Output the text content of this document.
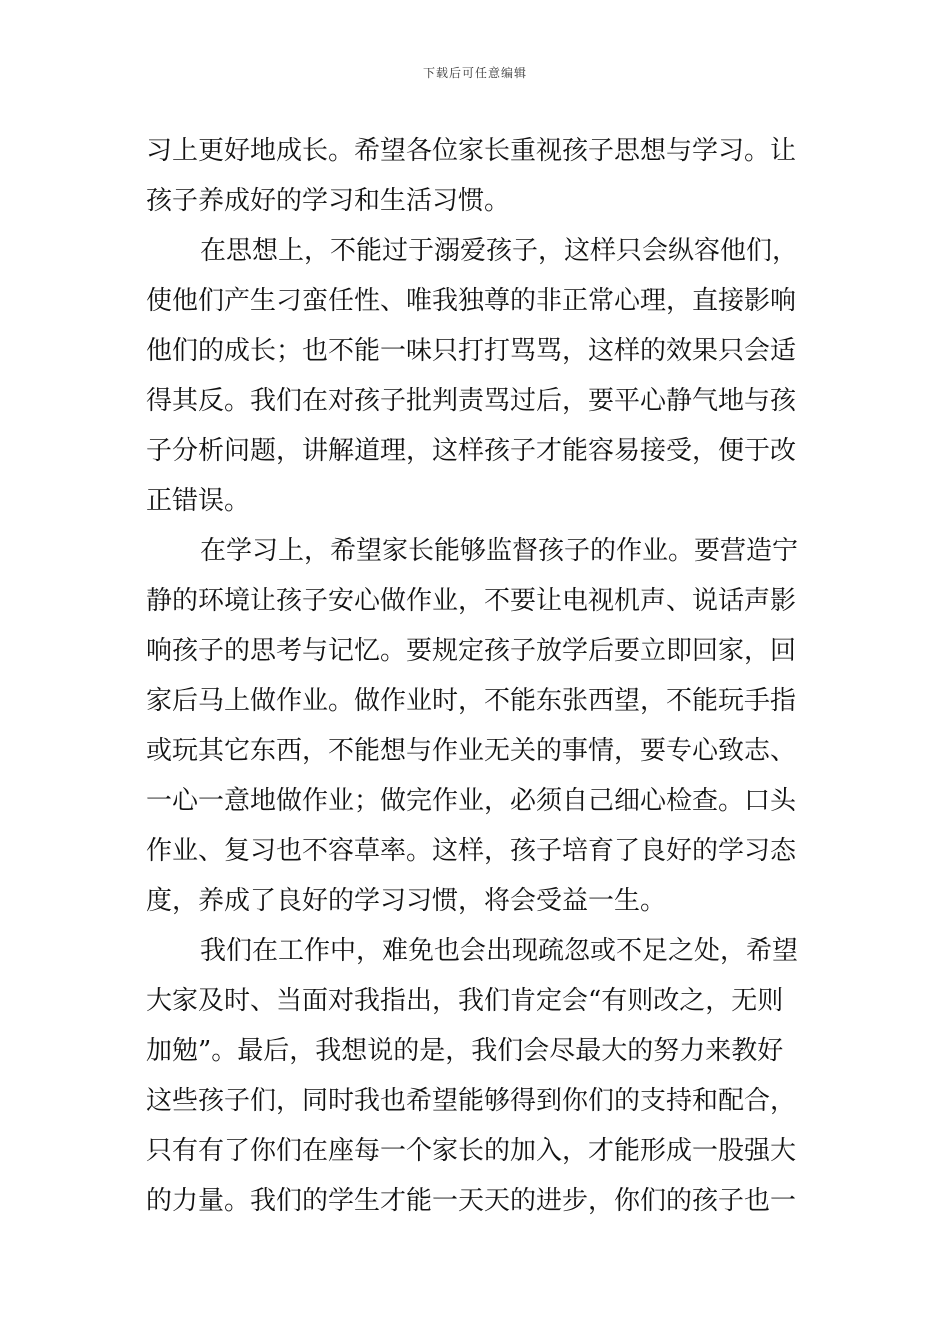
下载后可任意编辑
习上更好地成长。希望各位家长重视孩子思想与学习。让
孩子养成好的学习和生活习惯。
在思想上，不能过于溺爱孩子，这样只会纵容他们，
使他们产生刁蛮任性、唯我独尊的非正常心理，直接影响
他们的成长；也不能一味只打打骂骂，这样的效果只会适
得其反。我们在对孩子批判责骂过后，要平心静气地与孩
子分析问题，讲解道理，这样孩子才能容易接受，便于改
正错误。
在学习上，希望家长能够监督孩子的作业。要营造宁
静的环境让孩子安心做作业，不要让电视机声、说话声影
响孩子的思考与记忆。要规定孩子放学后要立即回家，回
家后马上做作业。做作业时，不能东张西望，不能玩手指
或玩其它东西，不能想与作业无关的事情，要专心致志、
一心一意地做作业；做完作业，必须自己细心检查。口头
作业、复习也不容草率。这样，孩子培育了良好的学习态
度，养成了良好的学习习惯，将会受益一生。
我们在工作中，难免也会出现疏忽或不足之处，希望
大家及时、当面对我指出，我们肯定会“有则改之，无则
加勉”。最后，我想说的是，我们会尽最大的努力来教好
这些孩子们，同时我也希望能够得到你们的支持和配合，
只有有了你们在座每一个家长的加入，才能形成一股强大
的力量。我们的学生才能一天天的进步，你们的孩子也一
